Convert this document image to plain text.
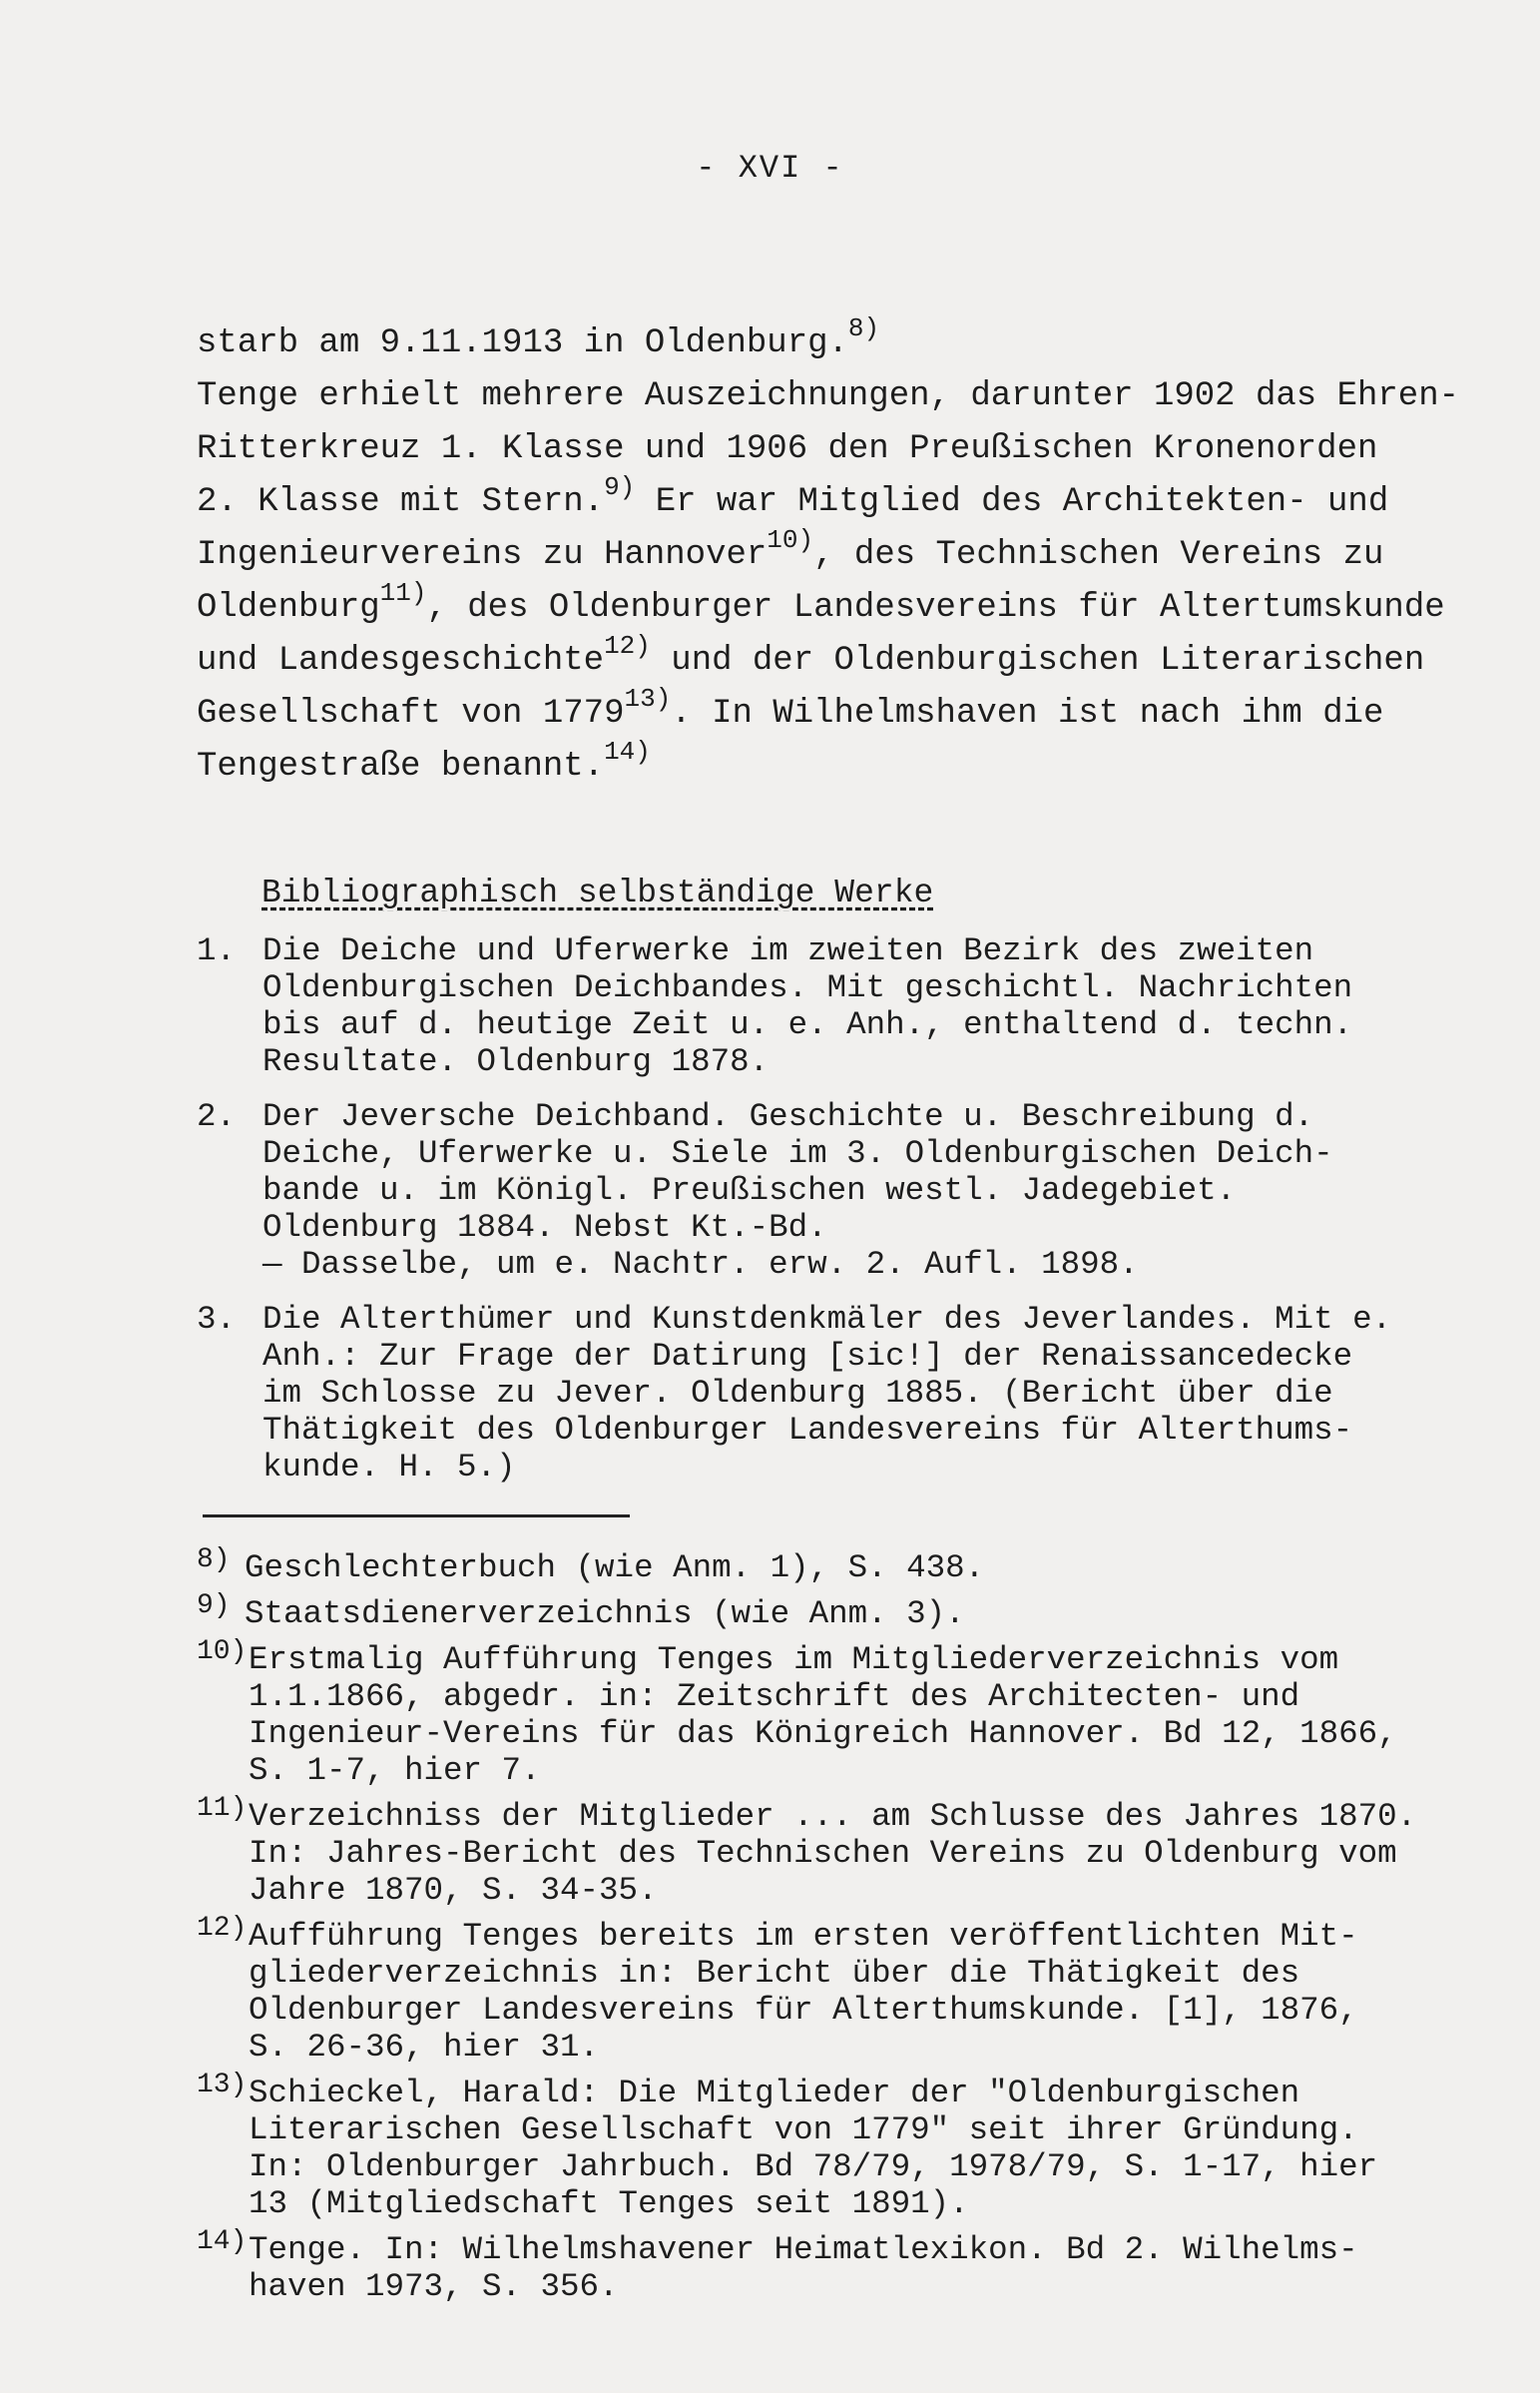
- XVI -
starb am 9.11.1913 in Oldenburg.$^{8)}$
Tenge erhielt mehrere Auszeichnungen, darunter 1902 das Ehren-
Ritterkreuz 1. Klasse und 1906 den Preußischen Kronenorden
2. Klasse mit Stern.$^{9)}$ Er war Mitglied des Architekten- und
Ingenieurvereins zu Hannover$^{10)}$, des Technischen Vereins zu
Oldenburg$^{11)}$, des Oldenburger Landesvereins für Altertumskunde
und Landesgeschichte$^{12)}$ und der Oldenburgischen Literarischen
Gesellschaft von 1779$^{13)}$. In Wilhelmshaven ist nach ihm die
Tengestraße benannt.$^{14)}$
Bibliographisch selbständige Werke
1. Die Deiche und Uferwerke im zweiten Bezirk des zweiten
Oldenburgischen Deichbandes. Mit geschichtl. Nachrichten
bis auf d. heutige Zeit u. e. Anh., enthaltend d. techn.
Resultate. Oldenburg 1878.
2. Der Jeversche Deichband. Geschichte u. Beschreibung d.
Deiche, Uferwerke u. Siele im 3. Oldenburgischen Deich-
bande u. im Königl. Preußischen westl. Jadegebiet.
Oldenburg 1884. Nebst Kt.-Bd.
— Dasselbe, um e. Nachtr. erw. 2. Aufl. 1898.
3. Die Alterthümer und Kunstdenkmäler des Jeverlandes. Mit e.
Anh.: Zur Frage der Datirung [sic!] der Renaissancedecke
im Schlosse zu Jever. Oldenburg 1885. (Bericht über die
Thätigkeit des Oldenburger Landesvereins für Alterthums-
kunde. H. 5.)
8) Geschlechterbuch (wie Anm. 1), S. 438.
9) Staatsdienerverzeichnis (wie Anm. 3).
10) Erstmalig Aufführung Tenges im Mitgliederverzeichnis vom
1.1.1866, abgedr. in: Zeitschrift des Architecten- und
Ingenieur-Vereins für das Königreich Hannover. Bd 12, 1866,
S. 1-7, hier 7.
11) Verzeichniss der Mitglieder ... am Schlusse des Jahres 1870.
In: Jahres-Bericht des Technischen Vereins zu Oldenburg vom
Jahre 1870, S. 34-35.
12) Aufführung Tenges bereits im ersten veröffentlichten Mit-
gliederverzeichnis in: Bericht über die Thätigkeit des
Oldenburger Landesvereins für Alterthumskunde. [1], 1876,
S. 26-36, hier 31.
13) Schieckel, Harald: Die Mitglieder der "Oldenburgischen
Literarischen Gesellschaft von 1779" seit ihrer Gründung.
In: Oldenburger Jahrbuch. Bd 78/79, 1978/79, S. 1-17, hier
13 (Mitgliedschaft Tenges seit 1891).
14) Tenge. In: Wilhelmshavener Heimatlexikon. Bd 2. Wilhelms-
haven 1973, S. 356.
